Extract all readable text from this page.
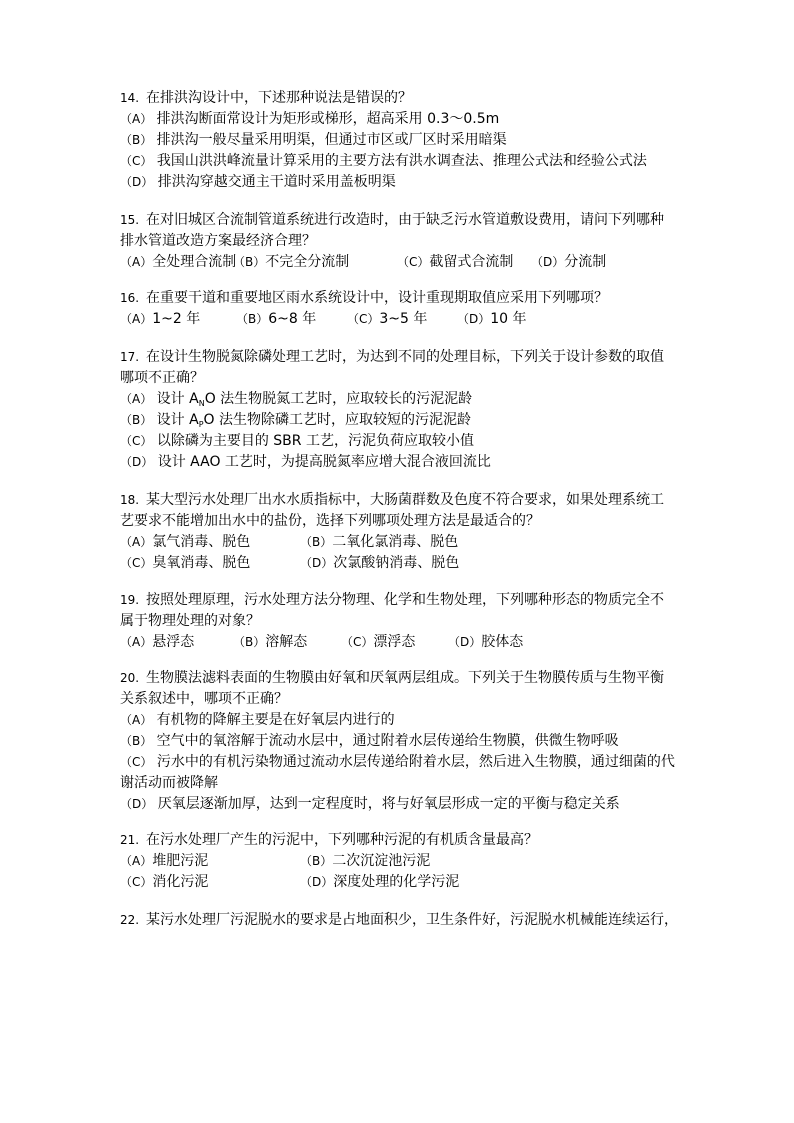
14. 在排洪沟设计中，下述那种说法是错误的？
（A） 排洪沟断面常设计为矩形或梯形，超高采用 0.3～0.5m
（B） 排洪沟一般尽量采用明渠，但通过市区或厂区时采用暗渠
（C） 我国山洪洪峰流量计算采用的主要方法有洪水调查法、推理公式法和经验公式法
（D） 排洪沟穿越交通主干道时采用盖板明渠
15. 在对旧城区合流制管道系统进行改造时，由于缺乏污水管道敷设费用，请问下列哪种
排水管道改造方案最经济合理？
（A）全处理合流制
（B）不完全分流制	（C）截留式合流制 （D）分流制
16. 在重要干道和重要地区雨水系统设计中，设计重现期取值应采用下列哪项？
（A）1~2 年	（B）6~8 年	（C）3~5 年 （D）10 年
17. 在设计生物脱氮除磷处理工艺时，为达到不同的处理目标，下列关于设计参数的取值
哪项不正确？
（A） 设计 $A_NO$ 法生物脱氮工艺时，应取较长的污泥泥龄
（B） 设计 $A_PO$ 法生物除磷工艺时，应取较短的污泥泥龄
（C） 以除磷为主要目的 SBR 工艺，污泥负荷应取较小值
（D） 设计 AAO 工艺时，为提高脱氮率应增大混合液回流比
18. 某大型污水处理厂出水水质指标中，大肠菌群数及色度不符合要求，如果处理系统工
艺要求不能增加出水中的盐份，选择下列哪项处理方法是最适合的？
（A）氯气消毒、脱色	（B）二氧化氯消毒、脱色
（C）臭氧消毒、脱色	（D）次氯酸钠消毒、脱色
19. 按照处理原理，污水处理方法分物理、化学和生物处理，下列哪种形态的物质完全不
属于物理处理的对象？
（A）悬浮态	（B）溶解态	（C）漂浮态	（D）胶体态
20. 生物膜法滤料表面的生物膜由好氧和厌氧两层组成。下列关于生物膜传质与生物平衡
关系叙述中，哪项不正确？
（A） 有机物的降解主要是在好氧层内进行的
（B） 空气中的氧溶解于流动水层中，通过附着水层传递给生物膜，供微生物呼吸
（C） 污水中的有机污染物通过流动水层传递给附着水层，然后进入生物膜，通过细菌的代
谢活动而被降解
（D） 厌氧层逐渐加厚，达到一定程度时，将与好氧层形成一定的平衡与稳定关系
21. 在污水处理厂产生的污泥中，下列哪种污泥的有机质含量最高？
（A）堆肥污泥	（B）二次沉淀池污泥
（C）消化污泥	（D）深度处理的化学污泥
22. 某污水处理厂污泥脱水的要求是占地面积少，卫生条件好，污泥脱水机械能连续运行，
